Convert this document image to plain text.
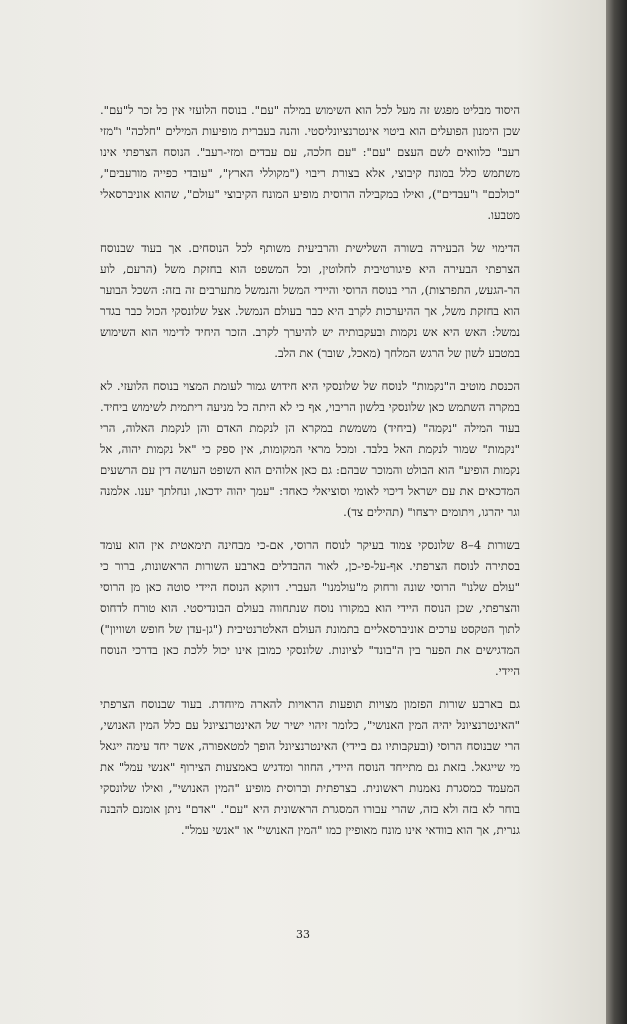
היסוד מבליט מפגש זה מעל לכל הוא השימוש במילה "עם". בנוסח הלועזי אין כל זכר ל"עם". שכן הימנון הפועלים הוא ביטוי אינטרנציונליסטי. והנה בעברית מופיעות המילים "חלכה" ו"מזי רעב" כלוואים לשם העצם "עם": "עם חלכה, עם עבדים ומזי-רעב". הנוסח הצרפתי אינו משתמש כלל במונח קיבוצי, אלא בצורת ריבוי ("מקוללי הארץ", "עובדי כפייה מורעבים", "כולכם" ו"עבדים"), ואילו במקבילה הרוסית מופיע המונח הקיבוצי "עולם", שהוא אוניברסאלי מטבעו.

הדימוי של הבעירה בשורה השלישית והרביעית משותף לכל הנוסחים. אך בעוד שבנוסח הצרפתי הבעירה היא פיגורטיבית לחלוטין, וכל המשפט הוא בחזקת משל (הרעם, לוע הר-הגעש, התפרצות), הרי בנוסח הרוסי והיידי המשל והנמשל מתערבים זה בזה: השכל הבוער הוא בחזקת משל, אך ההיערכות לקרב היא כבר בעולם הנמשל. אצל שלונסקי הכול כבר בגדר נמשל: האש היא אש נקמות ובעקבותיה יש להיערך לקרב. הזכר היחיד לדימוי הוא השימוש במטבע לשון של הרגש המלחך (מאכל, שובר) את הלב.

הכנסת מוטיב ה"נקמות" לנוסח של שלונסקי היא חידוש גמור לעומת המצוי בנוסח הלועזי. לא במקרה השתמש כאן שלונסקי בלשון הריבוי, אף כי לא היתה כל מניעה ריתמית לשימוש ביחיד. בעוד המילה "נקמה" (ביחיד) משמשת במקרא הן לנקמת האדם והן לנקמת האלוה, הרי "נקמות" שמור לנקמת האל בלבד. ומכל מראי המקומות, אין ספק כי "אל נקמות יהוה, אל נקמות הופיע" הוא הבולט והמוכר שבהם: גם כאן אלוהים הוא השופט העושה דין עם הרשעים המדכאים את עם ישראל דיכוי לאומי וסוציאלי כאחד: "עמך יהוה ידכאו, ונחלתך יענו. אלמנה וגר יהרגו, ויתומים ירצחו" (תהילים צד).

בשורות 4–8 שלונסקי צמוד בעיקר לנוסח הרוסי, אם-כי מבחינה תימאטית אין הוא עומד בסתירה לנוסח הצרפתי. אף-על-פי-כן, לאור ההבדלים בארבע השורות הראשונות, ברור כי "עולם שלנו" הרוסי שונה ורחוק מ"עולמנו" העברי. דווקא הנוסח היידי סוטה כאן מן הרוסי והצרפתי, שכן הנוסח היידי הוא במקורו נוסח שנתחווה בעולם הבונדיסטי. הוא טורח לדחוס לתוך הטקסט ערכים אוניברסאליים בתמונת העולם האלטרנטיבית ("גן-עדן של חופש ושוויון") המדגישים את הפער בין ה"בונד" לציונות. שלונסקי כמובן אינו יכול ללכת כאן בדרכי הנוסח היידי.

גם בארבע שורות הפזמון מצויות תופעות הראויות להארה מיוחדת. בעוד שבנוסח הצרפתי "האינטרנציונל יהיה המין האנושי", כלומר זיהוי ישיר של האינטרנציונל עם כלל המין האנושי, הרי שבנוסח הרוסי (ובעקבותיו גם ביידי) האינטרנציונל הופך למטאפורה, אשר יחד עימה ייגאל מי שייגאל. בזאת גם מתייחד הנוסח היידי, החוזר ומדגיש באמצעות הצירוף "אנשי עמל" את המעמד כמסגרת נאמנות ראשונית. בצרפתית וברוסית מופיע "המין האנושי", ואילו שלונסקי בוחר לא בזה ולא בזה, שהרי עבורו המסגרת הראשונית היא "עם". "אדם" ניתן אומנם להבנה גנרית, אך הוא בוודאי אינו מונח מאופיין כמו "המין האנושי" או "אנשי עמל".

33
